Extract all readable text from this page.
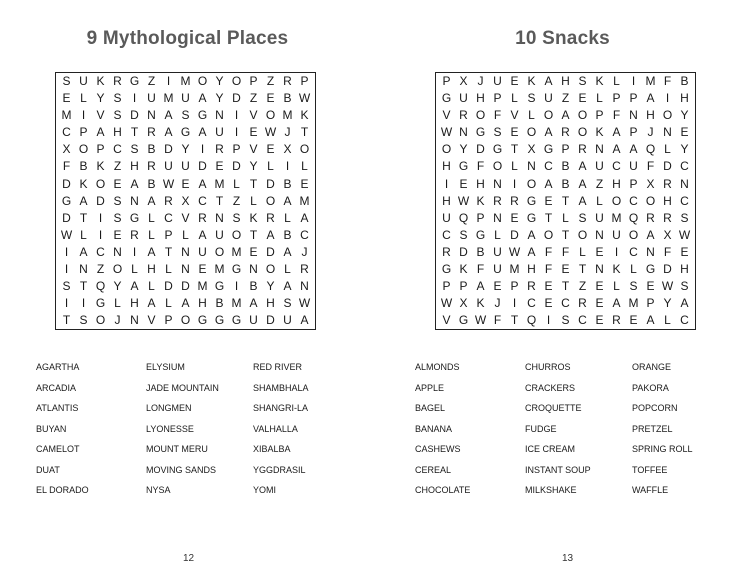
9 Mythological Places
S U K R G Z I M O Y O P Z R P
E L Y S I U M U A Y D Z E B W
M I V S D N A S G N I V O M K
C P A H T R A G A U I E W J T
X O P C S B D Y I R P V E X O
F B K Z H R U U D E D Y L I L
D K O E A B W E A M L T D B E
G A D S N A R X C T Z L O A M
D T I S G L C V R N S K R L A
W L I E R L P L A U O T A B C
I A C N I A T N U O M E D A J
I N Z O L H L N E M G N O L R
S T Q Y A L D D M G I B Y A N
I	I G L H A L A H B M A H S W
T S O J N V P O G G G U D U A
AGARTHA
ARCADIA
ATLANTIS
BUYAN
CAMELOT
DUAT
EL DORADO
ELYSIUM
JADE MOUNTAIN
LONGMEN
LYONESSE
MOUNT MERU
MOVING SANDS
NYSA
RED RIVER
SHAMBHALA
SHANGRI-LA
VALHALLA
XIBALBA
YGGDRASIL
YOMI
12
10 Snacks
P X J U E K A H S K L I M F B
G U H P L S U Z E L P P A I H
V R O F V L O A O P F N H O Y
W N G S E O A R O K A P J N E
O Y D G T X G P R N A A Q L Y
H G F O L N C B A U C U F D C
I E H N I O A B A Z H P X R N
H W K R R G E T A L O C O H C
U Q P N E G T L S U M Q R R S
C S G L D A O T O N U O A X W
R D B U W A F F L E I C N F E
G K F U M H F E T N K L G D H
P P A E P R E T Z E L S E W S
W X K J	I C E C R E A M P Y A
V G W F T Q I S C E R E A L C
ALMONDS
APPLE
BAGEL
BANANA
CASHEWS
CEREAL
CHOCOLATE
CHURROS
CRACKERS
CROQUETTE
FUDGE
ICE CREAM
INSTANT SOUP
MILKSHAKE
ORANGE
PAKORA
POPCORN
PRETZEL
SPRING ROLL
TOFFEE
WAFFLE
13
